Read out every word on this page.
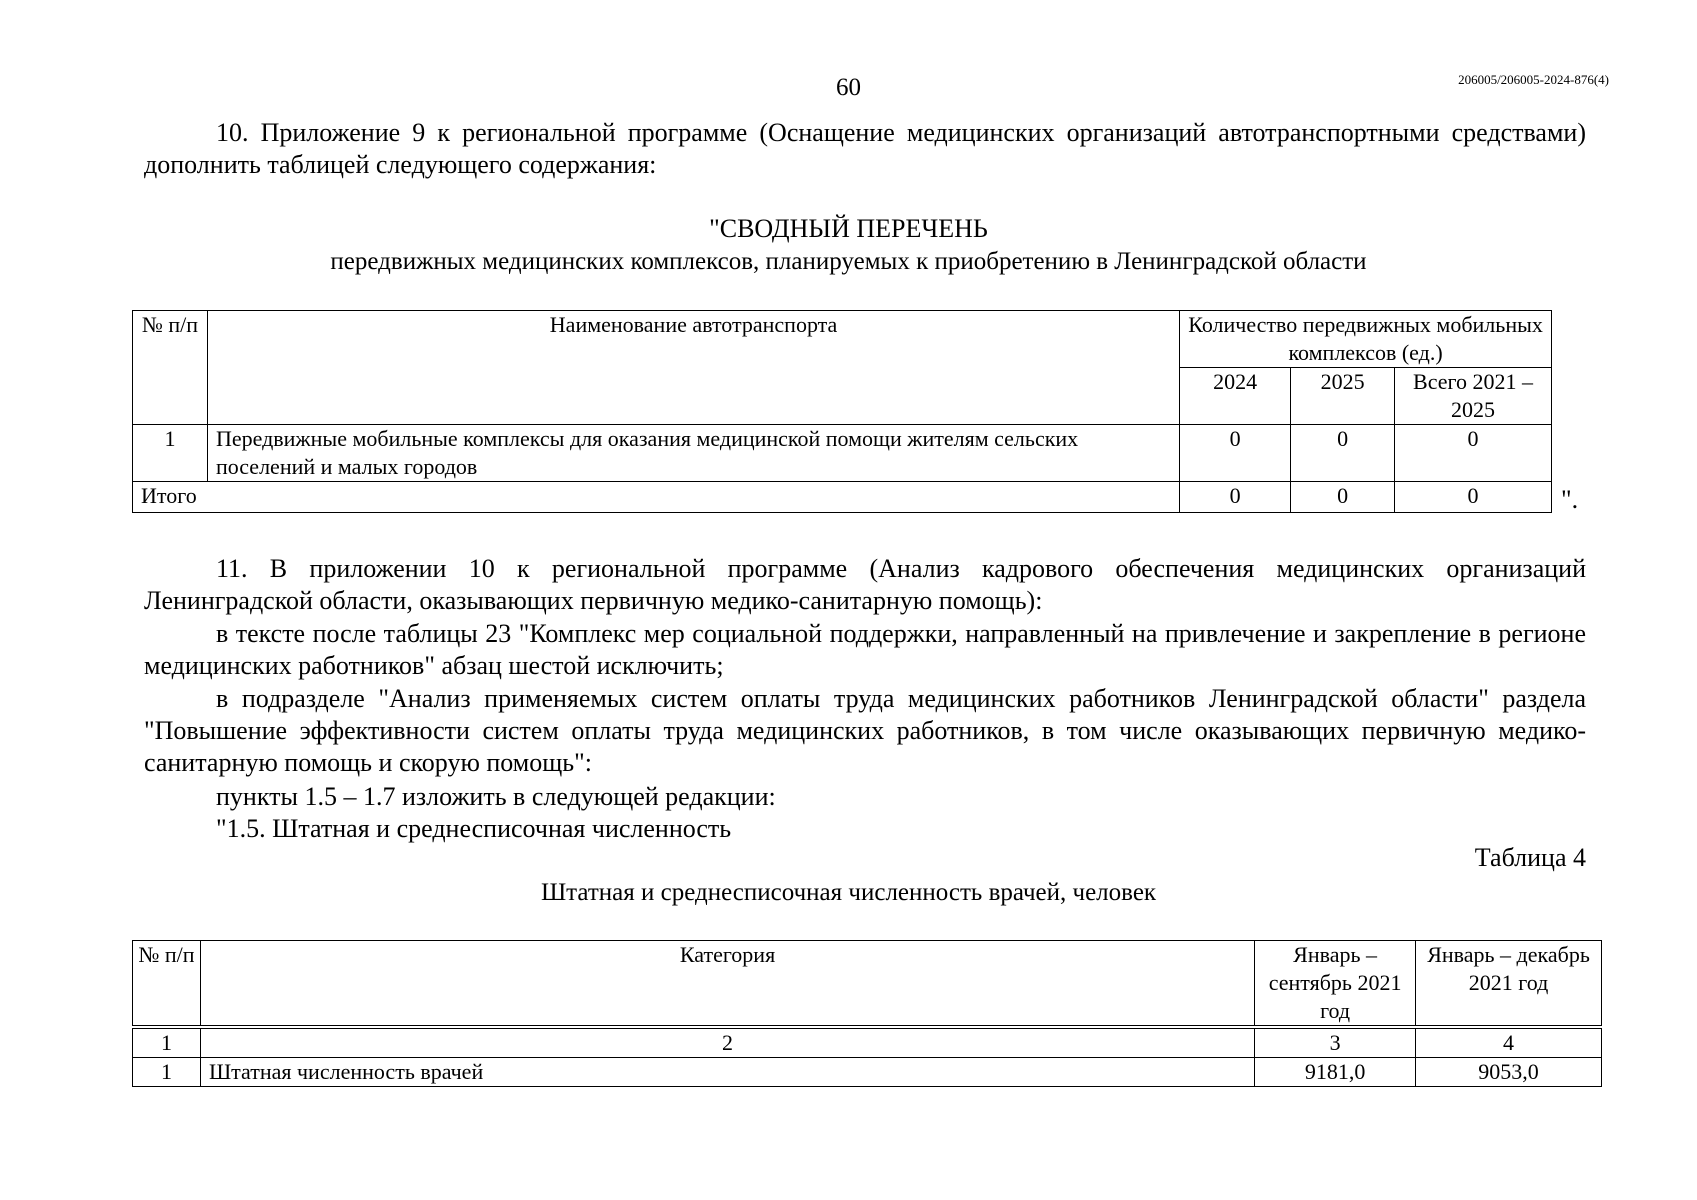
60	206005/206005-2024-876(4)
10. Приложение 9 к региональной программе (Оснащение медицинских организаций автотранспортными средствами) дополнить таблицей следующего содержания:
"СВОДНЫЙ ПЕРЕЧЕНЬ
передвижных медицинских комплексов, планируемых к приобретению в Ленинградской области
№ п/п	Наименование автотранспорта	Количество передвижных мобильных комплексов (ед.)		
		2024	2025	Всего 2021 – 2025
1	Передвижные мобильные комплексы для оказания медицинской помощи жителям сельских поселений и малых городов	0	0	0
Итого		0	0	0	".
11. В приложении 10 к региональной программе (Анализ кадрового обеспечения медицинских организаций Ленинградской области, оказывающих первичную медико-санитарную помощь):
в тексте после таблицы 23 "Комплекс мер социальной поддержки, направленный на привлечение и закрепление в регионе медицинских работников" абзац шестой исключить;
в подразделе "Анализ применяемых систем оплаты труда медицинских работников Ленинградской области" раздела "Повышение эффективности систем оплаты труда медицинских работников, в том числе оказывающих первичную медико-санитарную помощь и скорую помощь":
пункты 1.5 – 1.7 изложить в следующей редакции:
"1.5. Штатная и среднесписочная численность
Таблица 4
Штатная и среднесписочная численность врачей, человек
№ п/п	Категория	Январь – сентябрь 2021 год	Январь – декабрь 2021 год
1	2	3	4
1	Штатная численность врачей	9181,0	9053,0
